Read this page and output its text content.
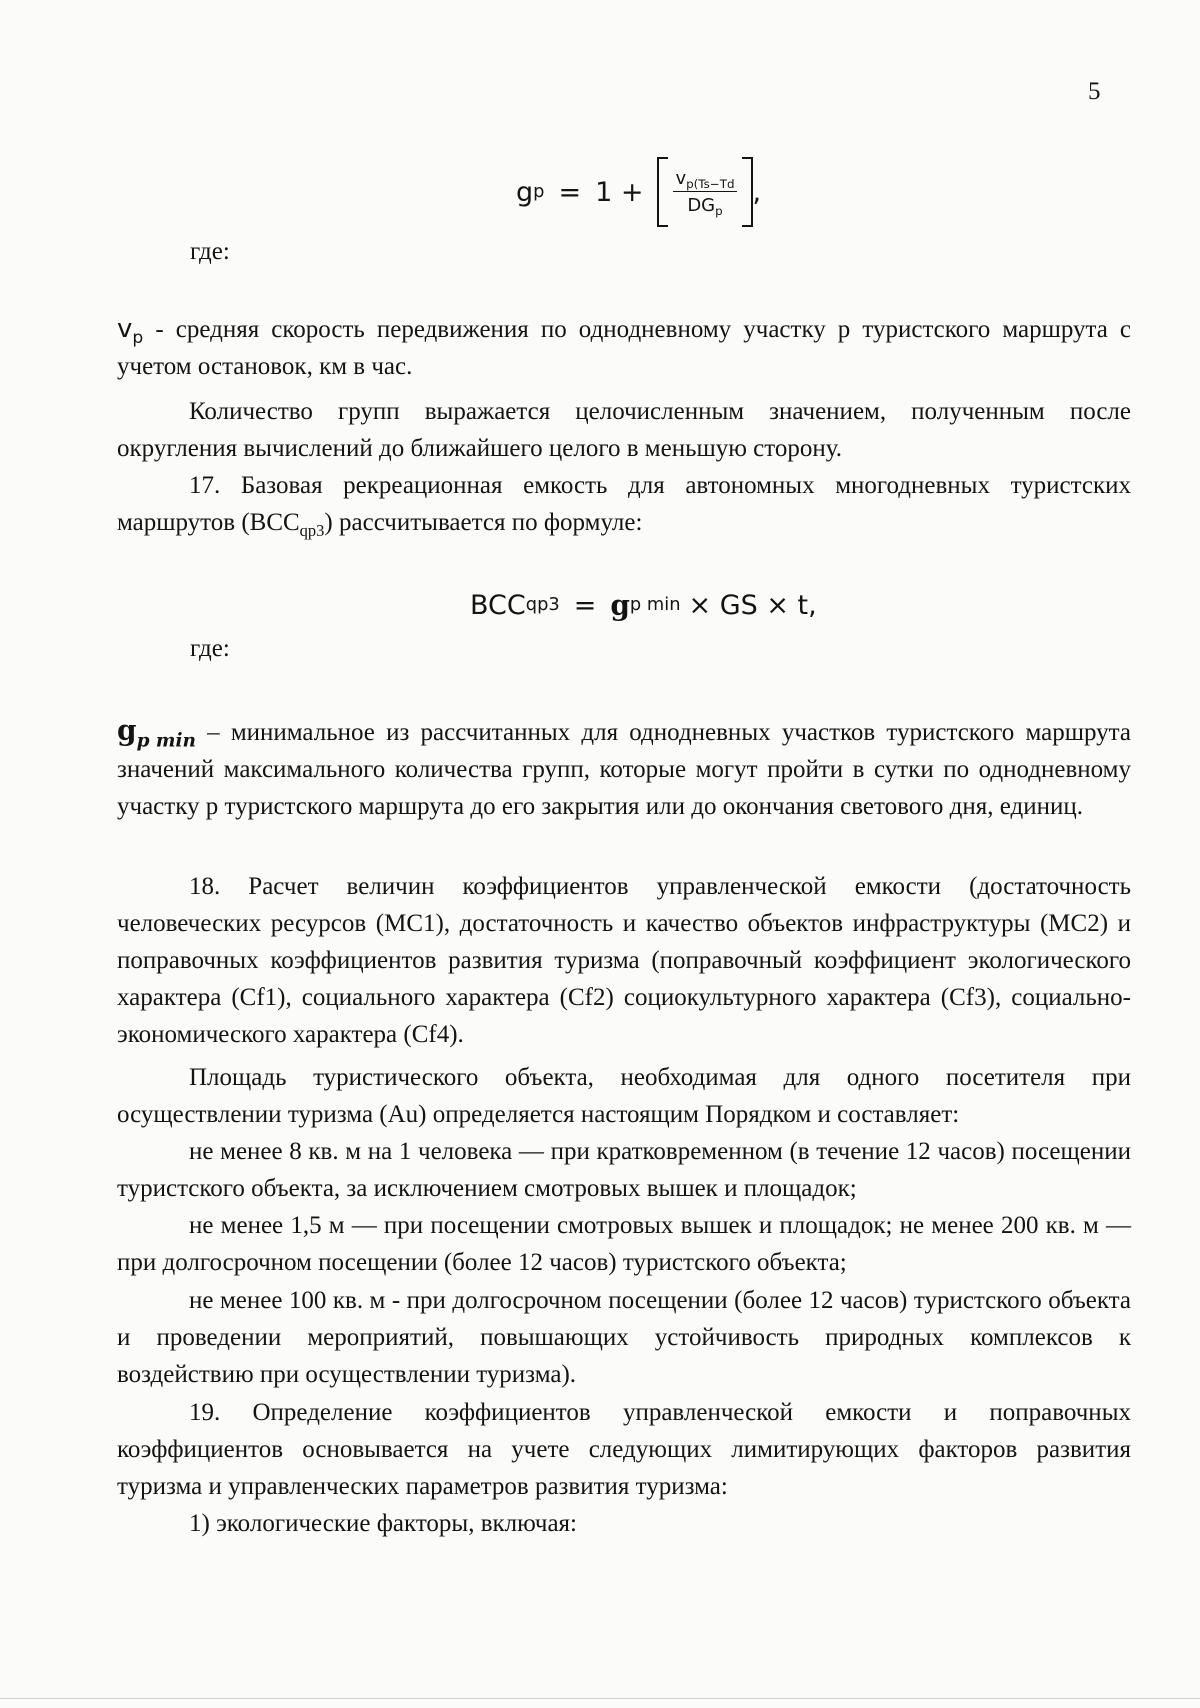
5
g $p = 1 + \frac{v_{p(Ts-Td}}{DG_p}$ ,
где:

$v_p$ - средняя скорость передвижения по однодневному участку р туристского маршрута с учетом остановок, км в час.

Количество групп выражается целочисленным значением, полученным после округления вычислений до ближайшего целого в меньшую сторону.

17. Базовая рекреационная емкость для автономных многодневных туристских маршрутов $(BCC_{qp3})$ рассчитывается по формуле:

BCC qp3 = g p min × GS × t,
где:

$g_{p min}$ – минимальное из рассчитанных для однодневных участков туристского маршрута значений максимального количества групп, которые могут пройти в сутки по однодневному участку р туристского маршрута до его закрытия или до окончания светового дня, единиц.

18. Расчет величин коэффициентов управленческой емкости (достаточность человеческих ресурсов (MC1), достаточность и качество объектов инфраструктуры (MC2) и поправочных коэффициентов развития туризма (поправочный коэффициент экологического характера (Cf1), социального характера (Cf2) социокультурного характера (Cf3), социально-экономического характера (Cf4).

Площадь туристического объекта, необходимая для одного посетителя при осуществлении туризма (Au) определяется настоящим Порядком и составляет:

не менее 8 кв. м на 1 человека — при кратковременном (в течение 12 часов) посещении туристского объекта, за исключением смотровых вышек и площадок;

не менее 1,5 м — при посещении смотровых вышек и площадок; не менее 200 кв. м — при долгосрочном посещении (более 12 часов) туристского объекта;

не менее 100 кв. м - при долгосрочном посещении (более 12 часов) туристского объекта и проведении мероприятий, повышающих устойчивость природных комплексов к воздействию при осуществлении туризма).

19. Определение коэффициентов управленческой емкости и поправочных коэффициентов основывается на учете следующих лимитирующих факторов развития туризма и управленческих параметров развития туризма:

1) экологические факторы, включая:
